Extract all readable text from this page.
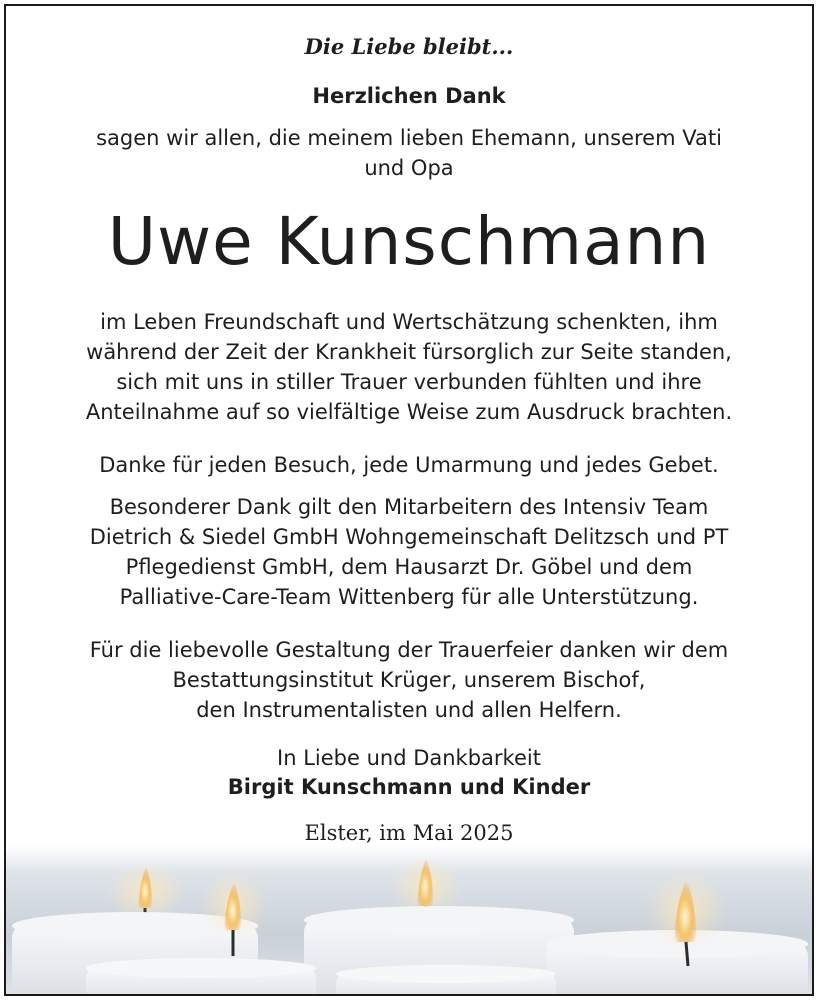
Die Liebe bleibt...
Herzlichen Dank
sagen wir allen, die meinem lieben Ehemann, unserem Vati
und Opa
Uwe Kunschmann
im Leben Freundschaft und Wertschätzung schenkten, ihm
während der Zeit der Krankheit fürsorglich zur Seite standen,
sich mit uns in stiller Trauer verbunden fühlten und ihre
Anteilnahme auf so vielfältige Weise zum Ausdruck brachten.
Danke für jeden Besuch, jede Umarmung und jedes Gebet.
Besonderer Dank gilt den Mitarbeitern des Intensiv Team
Dietrich & Siedel GmbH Wohngemeinschaft Delitzsch und PT
Pflegedienst GmbH, dem Hausarzt Dr. Göbel und dem
Palliative-Care-Team Wittenberg für alle Unterstützung.
Für die liebevolle Gestaltung der Trauerfeier danken wir dem
Bestattungsinstitut Krüger, unserem Bischof,
den Instrumentalisten und allen Helfern.
In Liebe und Dankbarkeit
Birgit Kunschmann und Kinder
Elster, im Mai 2025
